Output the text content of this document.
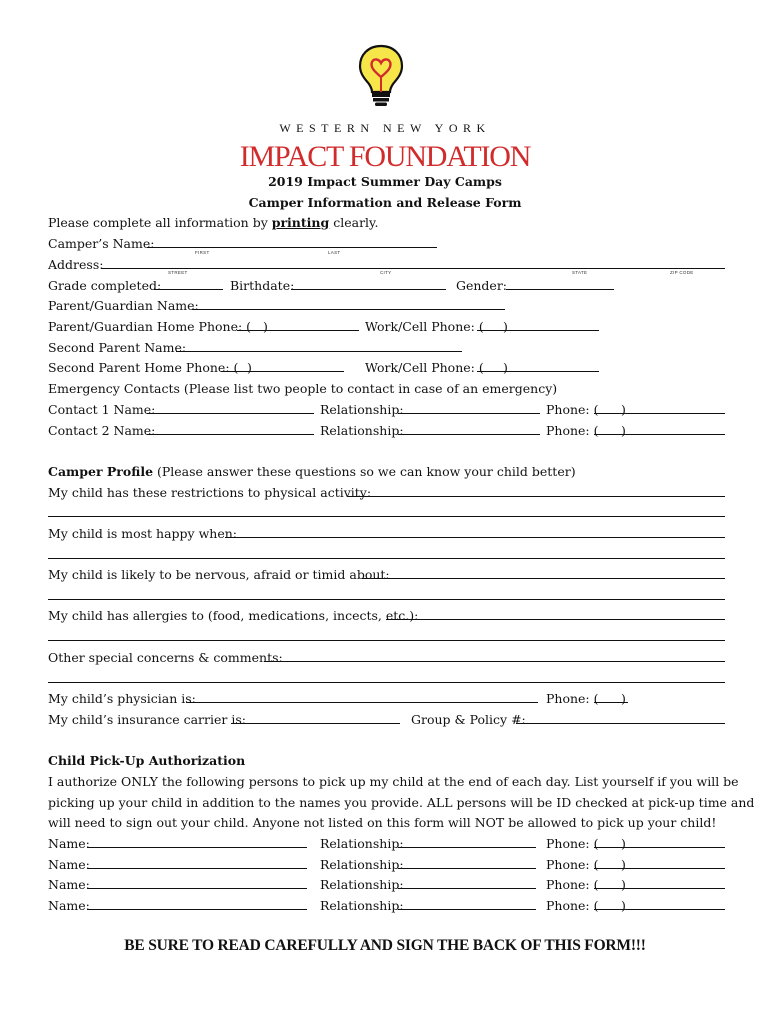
WESTERN NEW YORK
IMPACT FOUNDATION
2019 Impact Summer Day Camps
Camper Information and Release Form
Please complete all information by printing clearly.
Camper’s Name:
FIRST	LAST
Address:
STREET	CITY	STATE	ZIP CODE
Grade completed:	Birthdate:	Gender:
Parent/Guardian Name:
Parent/Guardian Home Phone: ( )	Work/Cell Phone: ( )
Second Parent Name:
Second Parent Home Phone: ( )	Work/Cell Phone: ( )
Emergency Contacts (Please list two people to contact in case of an emergency)
Contact 1 Name:	Relationship:	Phone: ( )
Contact 2 Name:	Relationship:	Phone: ( )
Camper Profile (Please answer these questions so we can know your child better)
My child has these restrictions to physical activity:
My child is most happy when:
My child is likely to be nervous, afraid or timid about:
My child has allergies to (food, medications, incects, etc.):
Other special concerns & comments:
My child’s physician is:	Phone: ( )
My child’s insurance carrier is:	Group & Policy #:
Child Pick-Up Authorization
I authorize ONLY the following persons to pick up my child at the end of each day. List yourself if you will be
picking up your child in addition to the names you provide. ALL persons will be ID checked at pick-up time and
will need to sign out your child. Anyone not listed on this form will NOT be allowed to pick up your child!
Name:	Relationship:	Phone: ( )
Name:	Relationship:	Phone: ( )
Name:	Relationship:	Phone: ( )
Name:	Relationship:	Phone: ( )
BE SURE TO READ CAREFULLY AND SIGN THE BACK OF THIS FORM!!!
